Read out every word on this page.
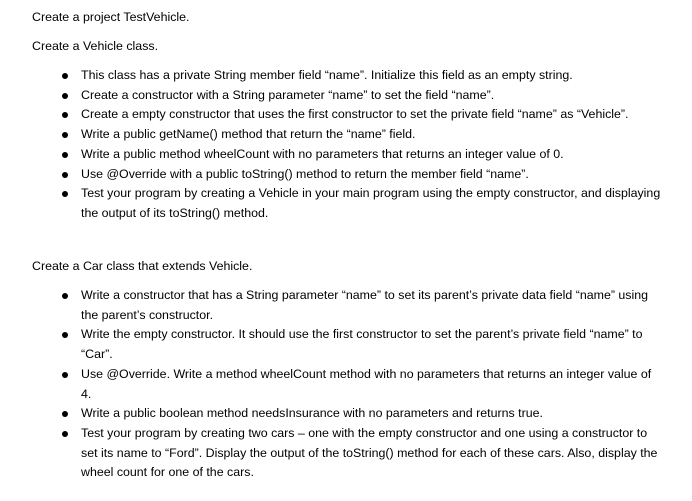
Create a project TestVehicle.
Create a Vehicle class.
This class has a private String member field “name”. Initialize this field as an empty string.
Create a constructor with a String parameter “name” to set the field “name”.
Create a empty constructor that uses the first constructor to set the private field “name” as “Vehicle”.
Write a public getName() method that return the “name” field.
Write a public method wheelCount with no parameters that returns an integer value of 0.
Use @Override with a public toString() method to return the member field “name”.
Test your program by creating a Vehicle in your main program using the empty constructor, and displaying the output of its toString() method.
Create a Car class that extends Vehicle.
Write a constructor that has a String parameter “name” to set its parent’s private data field “name” using the parent’s constructor.
Write the empty constructor. It should use the first constructor to set the parent’s private field “name” to “Car”.
Use @Override. Write a method wheelCount method with no parameters that returns an integer value of 4.
Write a public boolean method needsInsurance with no parameters and returns true.
Test your program by creating two cars – one with the empty constructor and one using a constructor to set its name to “Ford”. Display the output of the toString() method for each of these cars. Also, display the wheel count for one of the cars.
